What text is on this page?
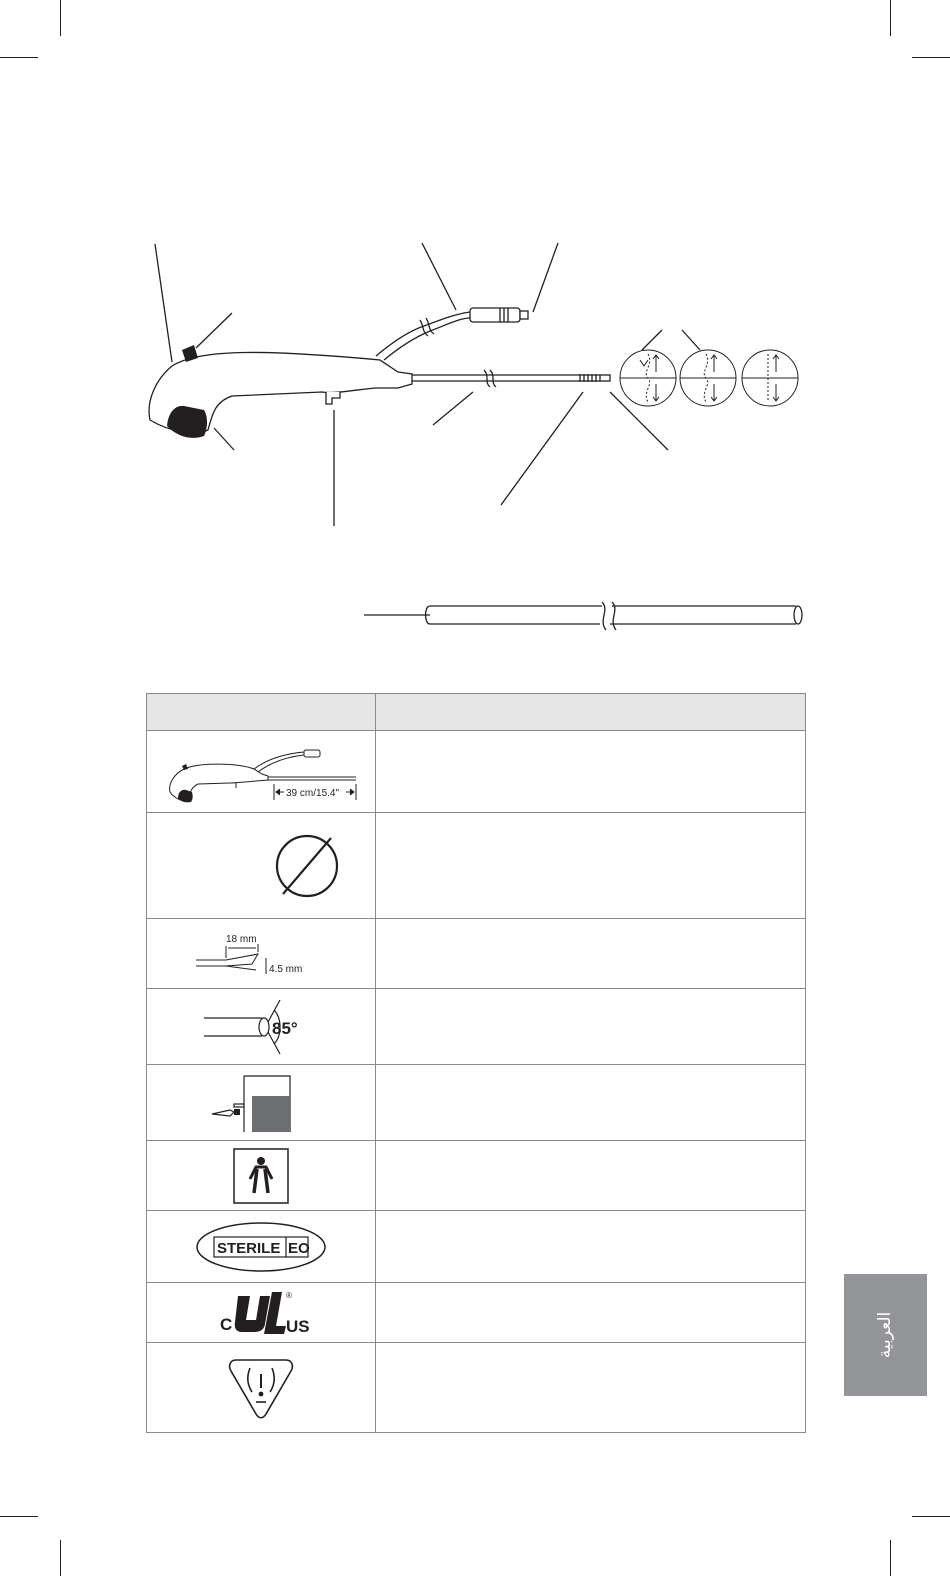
39 cm/15.4"	

18 mm
4.5 mm	

85°	

STERILE EO	

C US
®	

العربية
